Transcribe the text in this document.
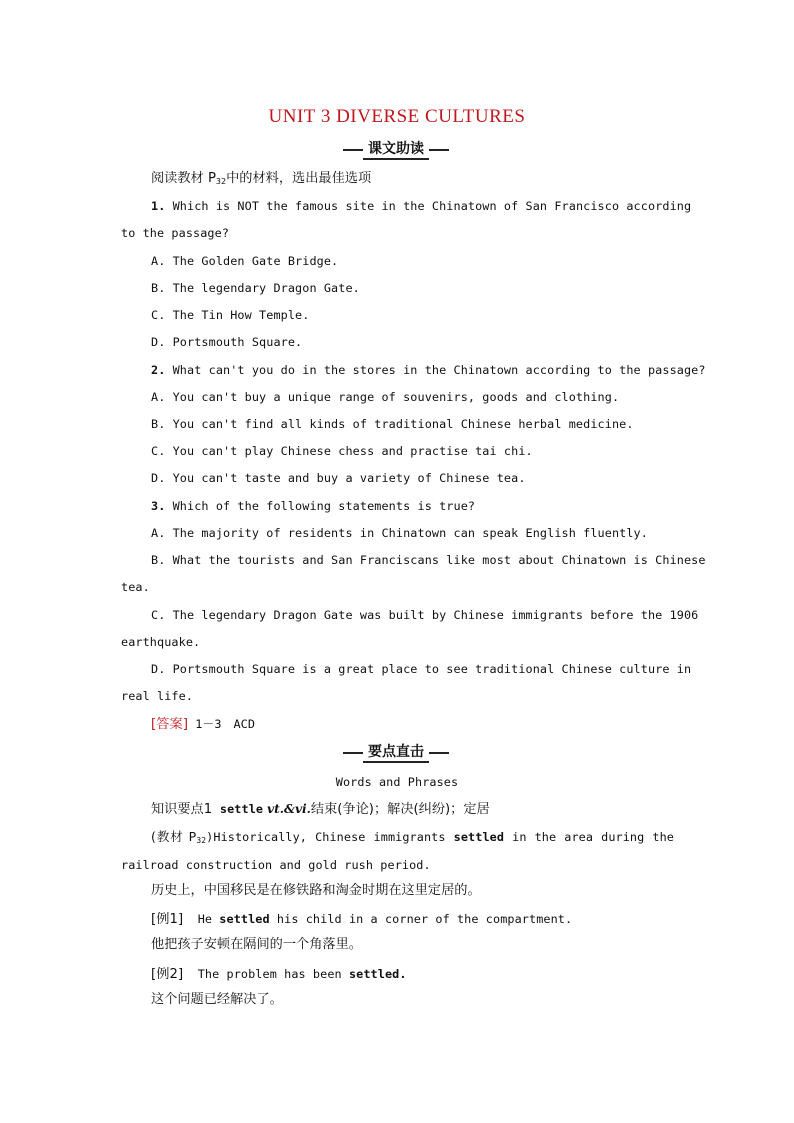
UNIT 3 DIVERSE CULTURES
课文助读
阅读教材 $P_{32}$中的材料，选出最佳选项
1. Which is NOT the famous site in the Chinatown of San Francisco according
to the passage?
A. The Golden Gate Bridge.
B. The legendary Dragon Gate.
C. The Tin How Temple.
D. Portsmouth Square.
2. What can't you do in the stores in the Chinatown according to the passage?
A. You can't buy a unique range of souvenirs, goods and clothing.
B. You can't find all kinds of traditional Chinese herbal medicine.
C. You can't play Chinese chess and practise tai chi.
D. You can't taste and buy a variety of Chinese tea.
3. Which of the following statements is true?
A. The majority of residents in Chinatown can speak English fluently.
B. What the tourists and San Franciscans like most about Chinatown is Chinese
tea.
C. The legendary Dragon Gate was built by Chinese immigrants before the 1906
earthquake.
D. Portsmouth Square is a great place to see traditional Chinese culture in
real life.
[答案] 1－3　ACD
要点直击
Words and Phrases
知识要点1 settle vt.&vi.结束(争论)；解决(纠纷)；定居
(教材 $P_{32})Historically$, Chinese immigrants settled in the area during the
railroad construction and gold rush period.
历史上，中国移民是在修铁路和淘金时期在这里定居的。
[例1] He settled his child in a corner of the compartment.
他把孩子安顿在隔间的一个角落里。
[例2] The problem has been settled.
这个问题已经解决了。
